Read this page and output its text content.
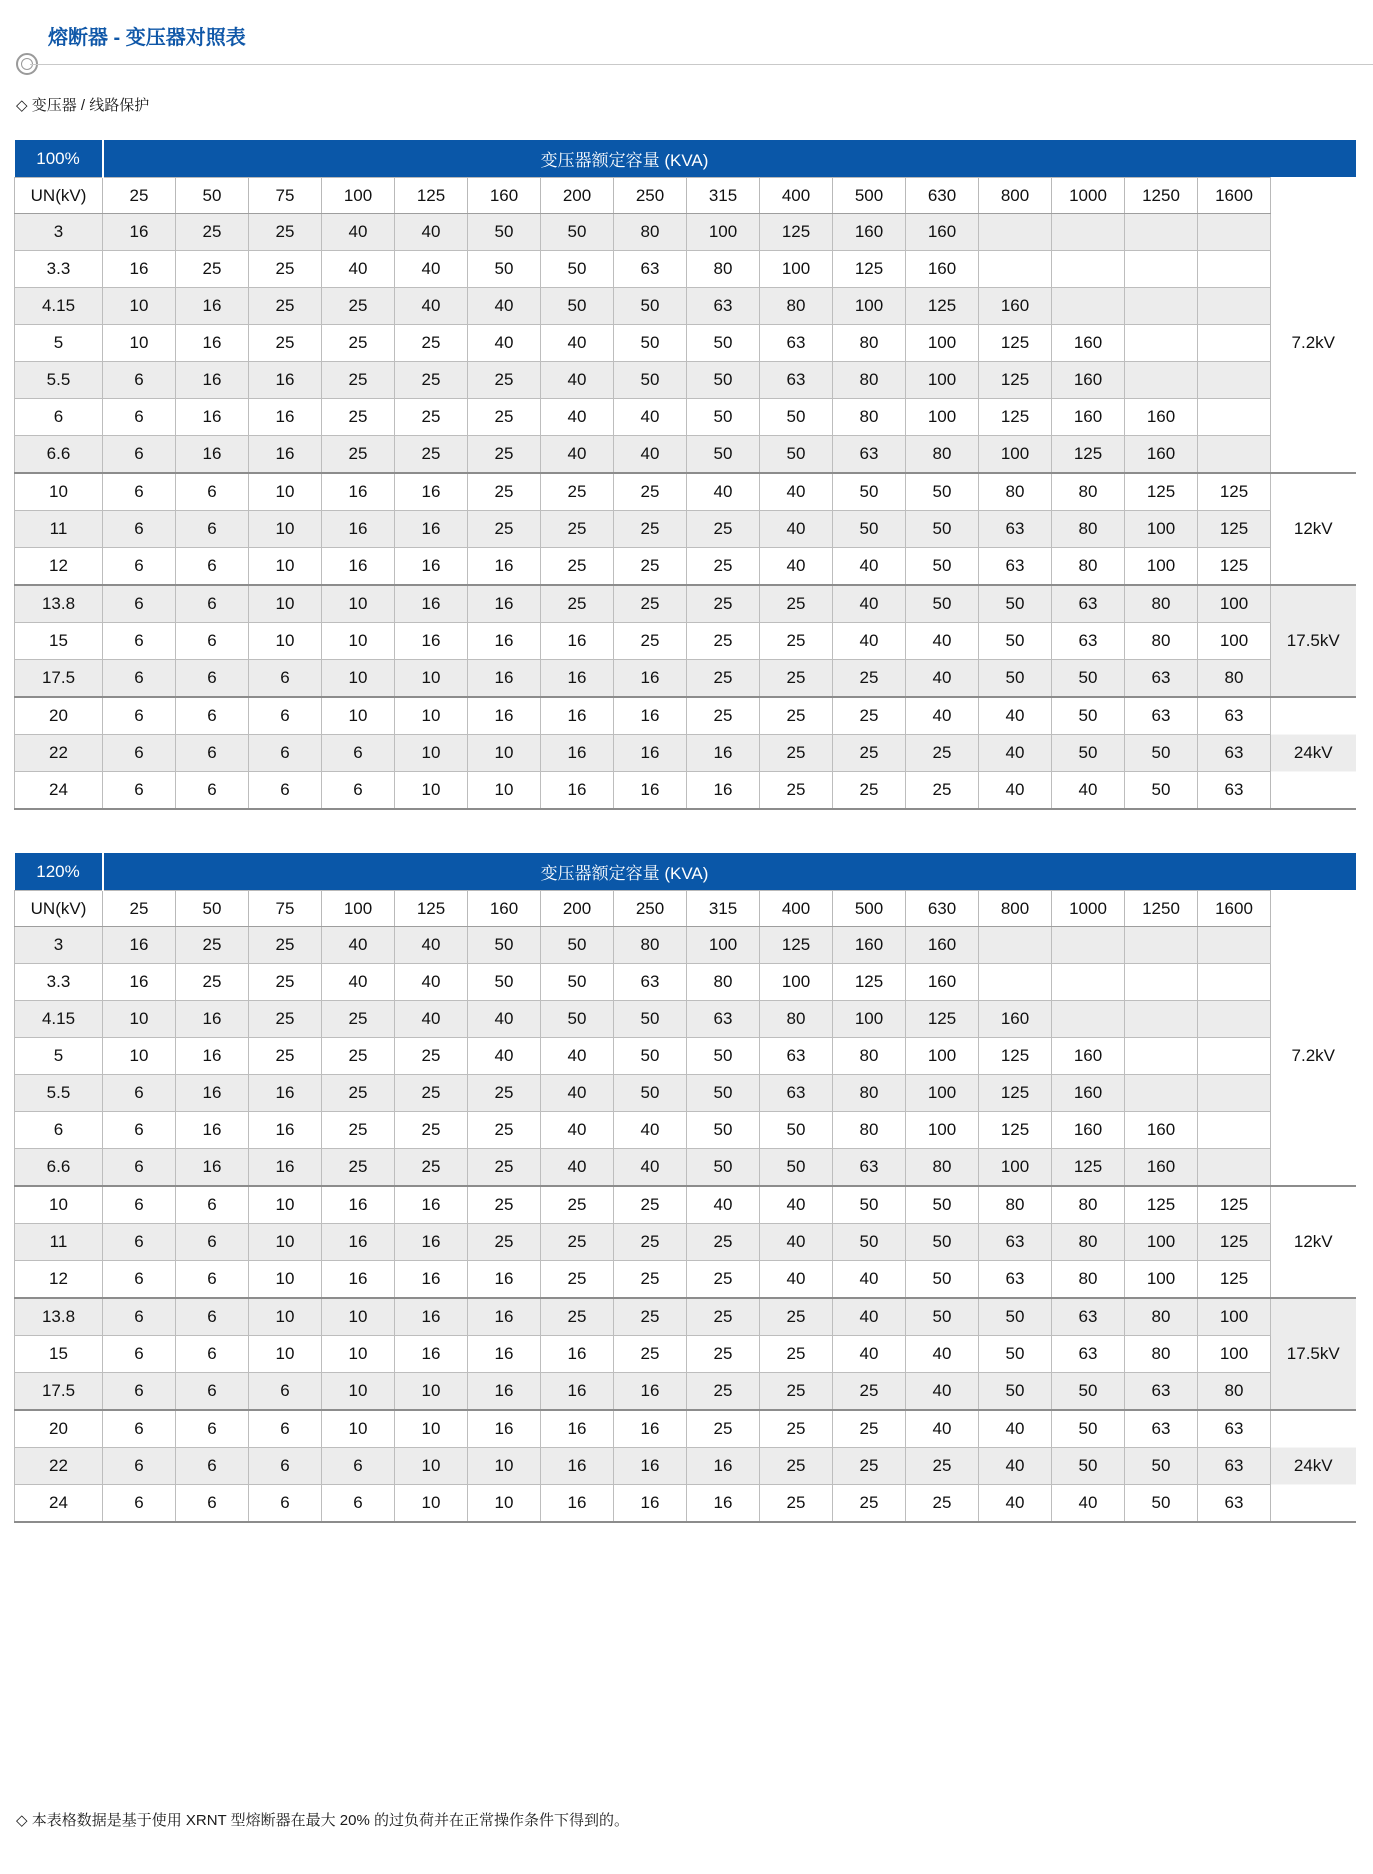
熔断器 - 变压器对照表
◇ 变压器 / 线路保护
100%	变压器额定容量 (KVA)																
UN(kV)	25	50	75	100	125	160	200	250	315	400	500	630	800	1000	1250	1600	
3	16	25	25	40	40	50	50	80	100	125	160	160					7.2kV
3.3	16	25	25	40	40	50	50	63	80	100	125	160					
4.15	10	16	25	25	40	40	50	50	63	80	100	125	160				
5	10	16	25	25	25	40	40	50	50	63	80	100	125	160			
5.5	6	16	16	25	25	25	40	50	50	63	80	100	125	160			
6	6	16	16	25	25	25	40	40	50	50	80	100	125	160	160		
6.6	6	16	16	25	25	25	40	40	50	50	63	80	100	125	160		
10	6	6	10	16	16	25	25	25	40	40	50	50	80	80	125	125	12kV
11	6	6	10	16	16	25	25	25	25	40	50	50	63	80	100	125	
12	6	6	10	16	16	16	25	25	25	40	40	50	63	80	100	125	
13.8	6	6	10	10	16	16	25	25	25	25	40	50	50	63	80	100	17.5kV
15	6	6	10	10	16	16	16	25	25	25	40	40	50	63	80	100	
17.5	6	6	6	10	10	16	16	16	25	25	25	40	50	50	63	80	
20	6	6	6	10	10	16	16	16	25	25	25	40	40	50	63	63	24kV
22	6	6	6	6	10	10	16	16	16	25	25	25	40	50	50	63	
24	6	6	6	6	10	10	16	16	16	25	25	25	40	40	50	63	
120%	变压器额定容量 (KVA)																
UN(kV)	25	50	75	100	125	160	200	250	315	400	500	630	800	1000	1250	1600	
3	16	25	25	40	40	50	50	80	100	125	160	160					7.2kV
3.3	16	25	25	40	40	50	50	63	80	100	125	160					
4.15	10	16	25	25	40	40	50	50	63	80	100	125	160				
5	10	16	25	25	25	40	40	50	50	63	80	100	125	160			
5.5	6	16	16	25	25	25	40	50	50	63	80	100	125	160			
6	6	16	16	25	25	25	40	40	50	50	80	100	125	160	160		
6.6	6	16	16	25	25	25	40	40	50	50	63	80	100	125	160		
10	6	6	10	16	16	25	25	25	40	40	50	50	80	80	125	125	12kV
11	6	6	10	16	16	25	25	25	25	40	50	50	63	80	100	125	
12	6	6	10	16	16	16	25	25	25	40	40	50	63	80	100	125	
13.8	6	6	10	10	16	16	25	25	25	25	40	50	50	63	80	100	17.5kV
15	6	6	10	10	16	16	16	25	25	25	40	40	50	63	80	100	
17.5	6	6	6	10	10	16	16	16	25	25	25	40	50	50	63	80	
20	6	6	6	10	10	16	16	16	25	25	25	40	40	50	63	63	24kV
22	6	6	6	6	10	10	16	16	16	25	25	25	40	50	50	63	
24	6	6	6	6	10	10	16	16	16	25	25	25	40	40	50	63	

◇ 本表格数据是基于使用 XRNT 型熔断器在最大 20% 的过负荷并在正常操作条件下得到的。
